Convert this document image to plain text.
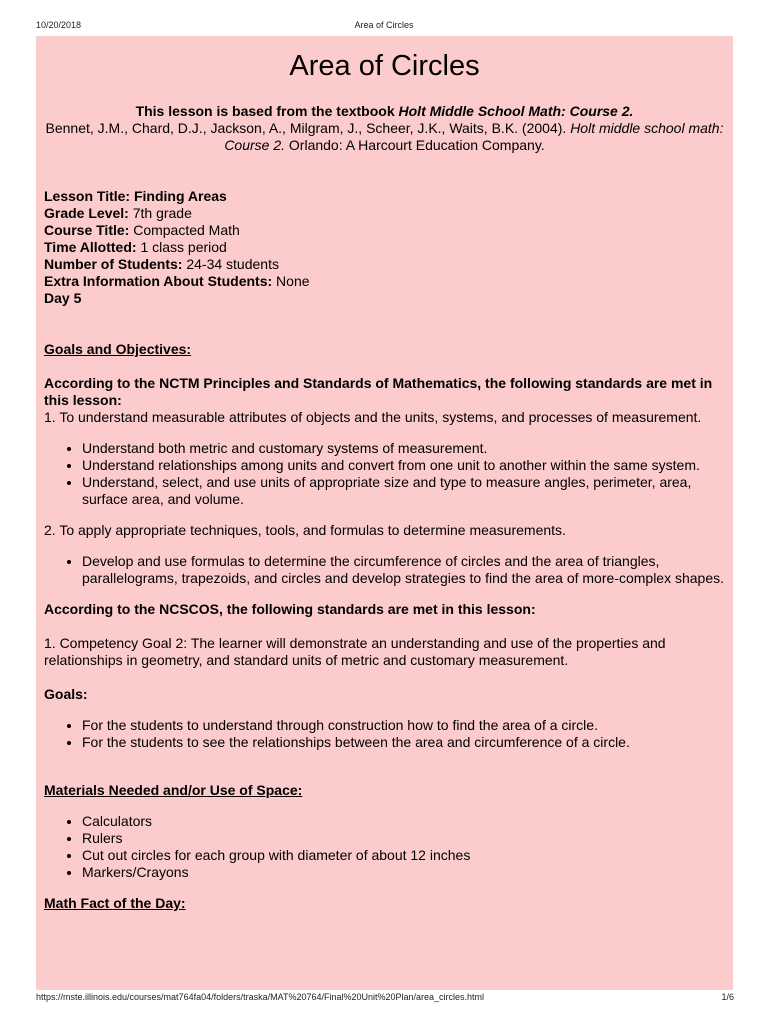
10/20/2018	Area of Circles
Area of Circles
This lesson is based from the textbook Holt Middle School Math: Course 2.
Bennet, J.M., Chard, D.J., Jackson, A., Milgram, J., Scheer, J.K., Waits, B.K. (2004). Holt middle school math: Course 2. Orlando: A Harcourt Education Company.
Lesson Title: Finding Areas
Grade Level: 7th grade
Course Title: Compacted Math
Time Allotted: 1 class period
Number of Students: 24-34 students
Extra Information About Students: None
Day 5

Goals and Objectives:

According to the NCTM Principles and Standards of Mathematics, the following standards are met in this lesson:

1. To understand measurable attributes of objects and the units, systems, and processes of measurement.

• Understand both metric and customary systems of measurement.
• Understand relationships among units and convert from one unit to another within the same system.
• Understand, select, and use units of appropriate size and type to measure angles, perimeter, area, surface area, and volume.

2. To apply appropriate techniques, tools, and formulas to determine measurements.

• Develop and use formulas to determine the circumference of circles and the area of triangles, parallelograms, trapezoids, and circles and develop strategies to find the area of more-complex shapes.

According to the NCSCOS, the following standards are met in this lesson:

1. Competency Goal 2: The learner will demonstrate an understanding and use of the properties and relationships in geometry, and standard units of metric and customary measurement.

Goals:

• For the students to understand through construction how to find the area of a circle.
• For the students to see the relationships between the area and circumference of a circle.

Materials Needed and/or Use of Space:

• Calculators
• Rulers
• Cut out circles for each group with diameter of about 12 inches
• Markers/Crayons

Math Fact of the Day:

https://mste.illinois.edu/courses/mat764fa04/folders/traska/MAT%20764/Final%20Unit%20Plan/area_circles.html	1/6
